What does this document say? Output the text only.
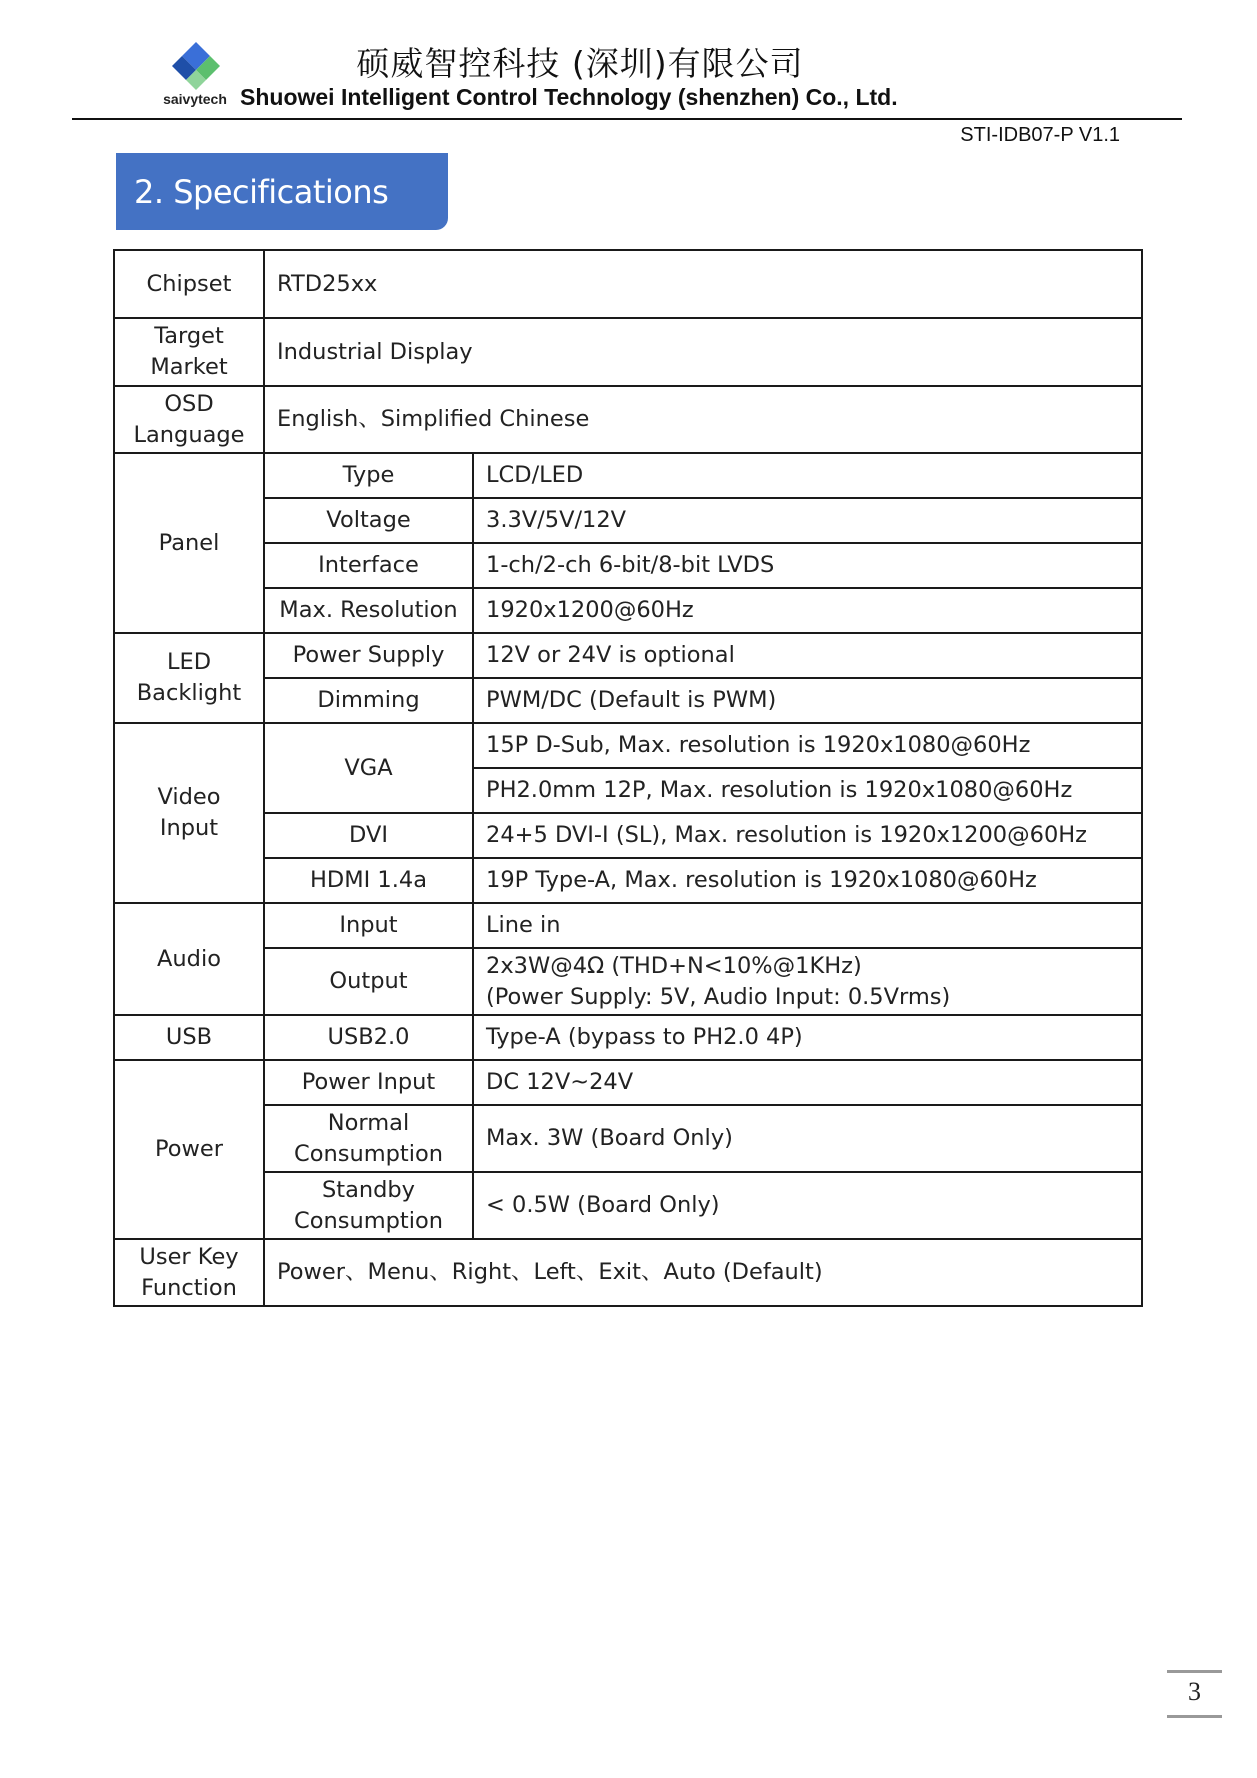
saivytech
硕威智控科技 (深圳)有限公司
Shuowei Intelligent Control Technology (shenzhen) Co., Ltd.
STI-IDB07-P V1.1
2. Specifications
Chipset	RTD25xx	
Target Market	Industrial Display	
OSD Language	English、Simplified Chinese	
Panel	Type	LCD/LED
	Voltage	3.3V/5V/12V
	Interface	1-ch/2-ch 6-bit/8-bit LVDS
	Max. Resolution	1920x1200@60Hz
LED Backlight	Power Supply	12V or 24V is optional
	Dimming	PWM/DC (Default is PWM)
Video Input	VGA	15P D-Sub, Max. resolution is 1920x1080@60Hz
		PH2.0mm 12P, Max. resolution is 1920x1080@60Hz
	DVI	24+5 DVI-I (SL), Max. resolution is 1920x1200@60Hz
	HDMI 1.4a	19P Type-A, Max. resolution is 1920x1080@60Hz
Audio	Input	Line in
	Output	2x3W@4Ω (THD+N<10%@1KHz)
(Power Supply: 5V, Audio Input: 0.5Vrms)

USB	USB2.0	Type-A (bypass to PH2.0 4P)
Power	Power Input	DC 12V~24V
	Normal Consumption	Max. 3W (Board Only)
	Standby Consumption	< 0.5W (Board Only)
User Key Function	Power、Menu、Right、Left、Exit、Auto (Default)	
3
